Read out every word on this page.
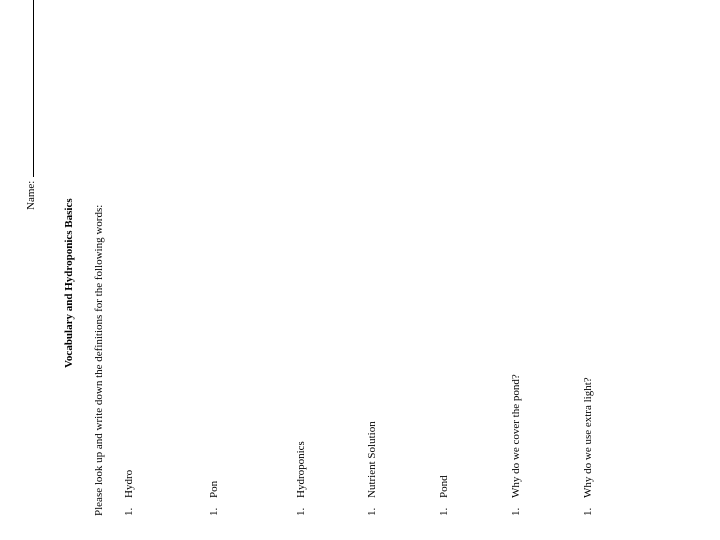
Name:
Vocabulary and Hydroponics Basics Please look up and write down the definitions for the following words: 1.Hydro
1.Pon
1.Hydroponics
1.Nutrient Solution
1.Pond
1.Why do we cover the pond?
1.Why do we use extra light?
